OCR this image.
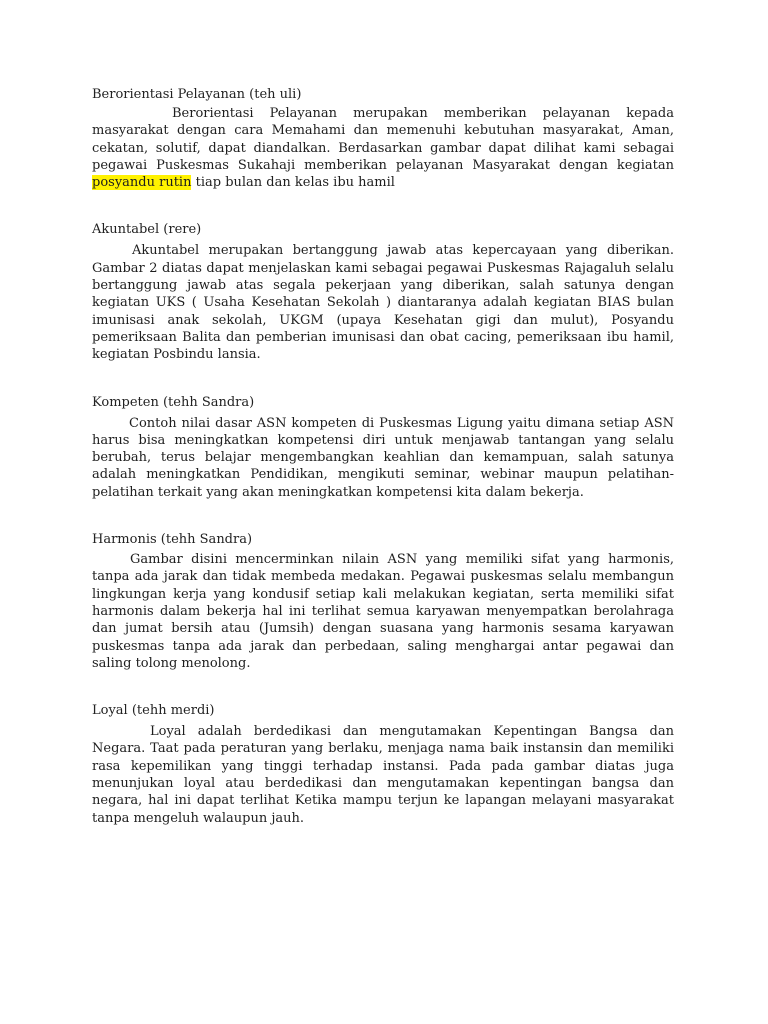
Berorientasi Pelayanan (teh uli)

Berorientasi Pelayanan merupakan memberikan pelayanan kepada masyarakat dengan cara Memahami dan memenuhi kebutuhan masyarakat, Aman, cekatan, solutif, dapat diandalkan. Berdasarkan gambar dapat dilihat kami sebagai pegawai Puskesmas Sukahaji memberikan pelayanan Masyarakat dengan kegiatan posyandu rutin tiap bulan dan kelas ibu hamil

Akuntabel (rere)

Akuntabel merupakan bertanggung jawab atas kepercayaan yang diberikan. Gambar 2 diatas dapat menjelaskan kami sebagai pegawai Puskesmas Rajagaluh selalu bertanggung jawab atas segala pekerjaan yang diberikan, salah satunya dengan kegiatan UKS ( Usaha Kesehatan Sekolah ) diantaranya adalah kegiatan BIAS bulan imunisasi anak sekolah, UKGM (upaya Kesehatan gigi dan mulut), Posyandu pemeriksaan Balita dan pemberian imunisasi dan obat cacing, pemeriksaan ibu hamil, kegiatan Posbindu lansia.

Kompeten (tehh Sandra)

Contoh nilai dasar ASN kompeten di Puskesmas Ligung yaitu dimana setiap ASN harus bisa meningkatkan kompetensi diri untuk menjawab tantangan yang selalu berubah, terus belajar mengembangkan keahlian dan kemampuan, salah satunya adalah meningkatkan Pendidikan, mengikuti seminar, webinar maupun pelatihan-pelatihan terkait yang akan meningkatkan kompetensi kita dalam bekerja.

Harmonis (tehh Sandra)

Gambar disini mencerminkan nilain ASN yang memiliki sifat yang harmonis, tanpa ada jarak dan tidak membeda medakan. Pegawai puskesmas selalu membangun lingkungan kerja yang kondusif setiap kali melakukan kegiatan, serta memiliki sifat harmonis dalam bekerja hal ini terlihat semua karyawan menyempatkan berolahraga dan jumat bersih atau (Jumsih) dengan suasana yang harmonis sesama karyawan puskesmas tanpa ada jarak dan perbedaan, saling menghargai antar pegawai dan saling tolong menolong.

Loyal (tehh merdi)

Loyal adalah berdedikasi dan mengutamakan Kepentingan Bangsa dan Negara. Taat pada peraturan yang berlaku, menjaga nama baik instansin dan memiliki rasa kepemilikan yang tinggi terhadap instansi. Pada pada gambar diatas juga menunjukan loyal atau berdedikasi dan mengutamakan kepentingan bangsa dan negara, hal ini dapat terlihat Ketika mampu terjun ke lapangan melayani masyarakat tanpa mengeluh walaupun jauh.
